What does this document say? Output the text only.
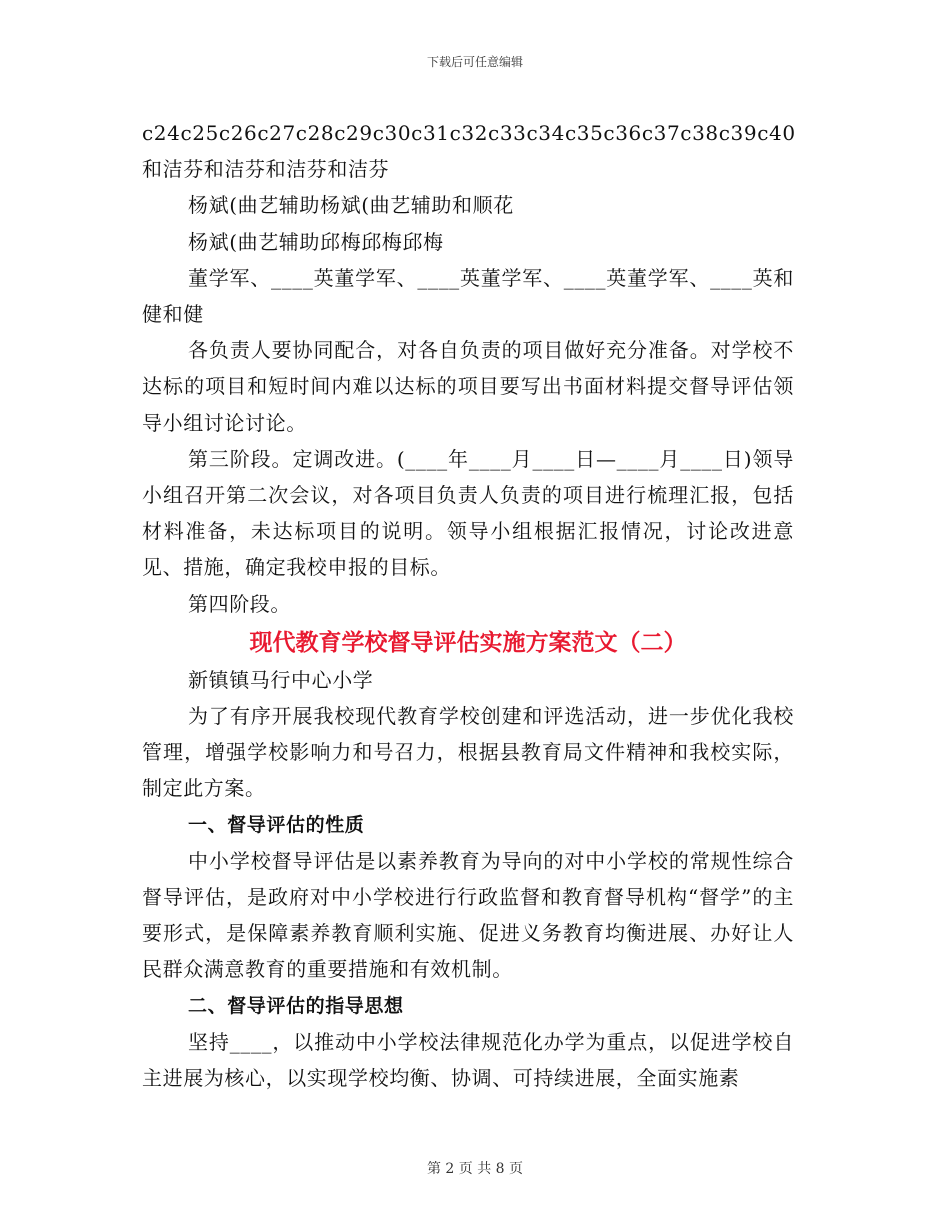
下载后可任意编辑

c24c25c26c27c28c29c30c31c32c33c34c35c36c37c38c39c40和洁芬和洁芬和洁芬和洁芬

杨斌(曲艺辅助杨斌(曲艺辅助和顺花

杨斌(曲艺辅助邱梅邱梅邱梅

董学军、____英董学军、____英董学军、____英董学军、____英和健和健

各负责人要协同配合，对各自负责的项目做好充分准备。对学校不达标的项目和短时间内难以达标的项目要写出书面材料提交督导评估领导小组讨论讨论。

第三阶段。定调改进。(____年____月____日—____月____日)领导小组召开第二次会议，对各项目负责人负责的项目进行梳理汇报，包括材料准备，未达标项目的说明。领导小组根据汇报情况，讨论改进意见、措施，确定我校申报的目标。

第四阶段。

现代教育学校督导评估实施方案范文（二）

新镇镇马行中心小学

为了有序开展我校现代教育学校创建和评选活动，进一步优化我校管理，增强学校影响力和号召力，根据县教育局文件精神和我校实际，制定此方案。

一、督导评估的性质

中小学校督导评估是以素养教育为导向的对中小学校的常规性综合督导评估，是政府对中小学校进行行政监督和教育督导机构“督学”的主要形式，是保障素养教育顺利实施、促进义务教育均衡进展、办好让人民群众满意教育的重要措施和有效机制。

二、督导评估的指导思想

坚持____，以推动中小学校法律规范化办学为重点，以促进学校自主进展为核心，以实现学校均衡、协调、可持续进展，全面实施素

第 2 页 共 8 页
